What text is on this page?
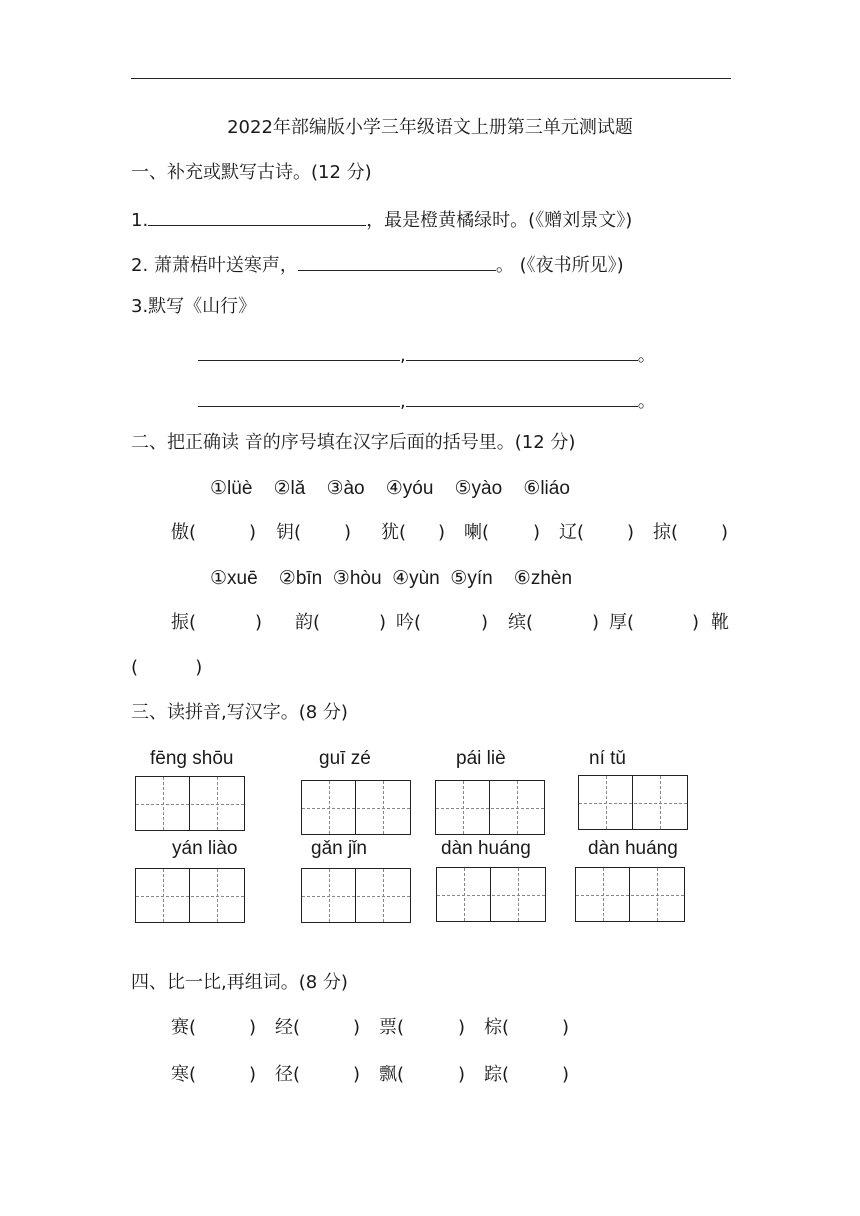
2022年部编版小学三年级语文上册第三单元测试题
一、补充或默写古诗。(12 分)
1.	，最是橙黄橘绿时。(《赠刘景文》)
2. 萧萧梧叶送寒声，	。 (《夜书所见》)
3.默写《山行》
,	。
,	。
二、把正确读 音的序号填在汉字后面的括号里。(12 分)
①lüè    ②lǎ    ③ào    ④yóu    ⑤yào    ⑥liáo
傲(	) 钥( ) 犹( ) 喇( ) 辽( ) 掠( )
①xuē    ②bīn  ③hòu  ④yùn  ⑤yín    ⑥zhèn
振(	) 韵(	) 吟(	) 缤(	) 厚(	) 靴
(          )
三、读拼音,写汉字。(8 分)
fēng shōu	guī zé	pái liè	ní tǔ
yán liào	gǎn jǐn	dàn huáng	dàn huáng
四、比一比,再组词。(8 分)
赛(	) 经(	) 票(	) 棕(	)
寒(	) 径(	) 飘(	) 踪(	)
